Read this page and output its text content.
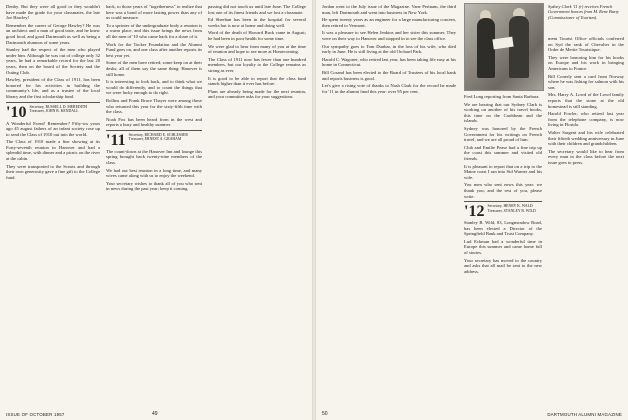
Denby. But they were all good or they wouldn't have made the grade for your classmates, the late Joe Hawley!

Remember the career of George Hawley? He was an architect and a man of good taste, and he knew good food, and good Dartmouth as well as being a Dartmouth alumnus of some years.

Stanley had the respect of the men who played under him. Although he was out of college only 32 years, he had a remarkable record for the last 20 years, then on the board of the Society and the Outing Club.

Hawley, president of the Class of 1911, has been honored for his activities in building the community's life, and as a trustee of the local library and the first scholarship fund.

'10 Secretary, RUSSELL D. MEREDITH
Treasurer, JOHN R. KENDALL

A Wonderful Event! Remember? Fifty-six years ago 45 august fathers of an infant society rose up to send the Class of 1910 out into the world.

The Class of 1910 made a fine showing at its Forty-seventh reunion in Hanover and had a splendid time, with dinner and a picnic on the river at the cabin.

They were transported to the Scouts and through their own generosity gave a fine gift to the College fund.

back, to those years of "togetherness" to realize that here was a bond of more lasting power than any of us could measure.

To a sprinter of the undergraduate body a reunion is a warm place, and this issue brings the news from all the men of '10 who came back for a share of it.

Work for the Tucker Foundation and the Alumni Fund goes on, and one class after another reports its best year yet.

Some of the men have retired; some keep on at their desks; all of them say the same thing: Hanover is still home.

It is interesting to look back, and to think what we would do differently, and to count the things that we were lucky enough to do right.

Rollins and Frank Bruce Thayer were among those who returned this year for the sixty-fifth time with the class.

Noah Fox has been heard from in the west and reports a busy and healthy summer.

'11 Secretary, RICHARD E. SCHLESSER
Treasurer, ERNEST A. GRAHAM

The count-down at the Hanover Inn and lounge this spring brought back twenty-nine members of the class.

We had our best reunion in a long time, and many wives came along with us to enjoy the weekend.

Your secretary wishes to thank all of you who sent in news during the past year; keep it coming.

passing did not touch us until late June. The College lost one of its finest friends and we lost a classmate.

Ed Sheehan has been in the hospital for several weeks but is now at home and doing well.

Word of the death of Howard Buck came in August; he had been in poor health for some time.

We were glad to hear from many of you at the time of reunion and hope to see more at Homecoming.

The Class of 1911 now has fewer than one hundred members, but our loyalty to the College remains as strong as ever.

It is good to be able to report that the class fund stands higher than it ever has before.

Plans are already being made for the next reunion, and your committee asks for your suggestions.

ISSUE OF OCTOBER 1957	49

Jordan went to the July issue of the Magazine. Vane Pertnam, the third man, left Dartmouth and went into business in New York.

He spent twenty years as an engineer for a large manufacturing concern, then retired to Vermont.

It was a pleasure to see Helen Jenkins and her sister this summer. They were on their way to Hanover and stopped in to see the class office.

Our sympathy goes to Tom Dunbar, in the loss of his wife, who died early in June. He is still living at the old Orchard Park.

Harold C. Wagoner, who retired last year, has been taking life easy at his home in Connecticut.

Bill Cosand has been elected to the Board of Trustees of his local bank and reports business is good.

Let's give a rising vote of thanks to Nash Clark for the record he made for '11 in the alumni fund this year: over 95 per cent.

Sydney Clark '11 (r) receives French Government honors from M. Rene Barty (Commissioner of Tourism).

Fred Long reporting from Santa Barbara.

We are hearing that our Sydney Clark is working on another of his travel books, this time on the Caribbean and the islands.

Sydney was honored by the French Government for his writings on French travel, and we are all proud of him.

Club and Emilie Pease had a fine trip up the coast this summer and visited old friends.

It is pleasant to report that on a trip to the Maine coast I ran into Sid Warner and his wife.

You men who sent news this year: we thank you; and the rest of you, please write.

'12 Secretary, HENRY K. WALD
Treasurer, STANLEY B. WILD

Stanley B. Wild, 83, Longmeadow Road, has been elected a Director of the Springfield Bank and Trust Company.

Lud Eckman had a wonderful time in Europe this summer and came home full of stories.

Your secretary has moved to the country and asks that all mail be sent to the new address.

ment Tourist Office officials conferred on Syd the rank of Chevalier in the Order de Merite Touristique.

They were honoring him for his books on Europe and his work in bringing Americans to France.

Bill Conerly sent a card from Norway where he was fishing for salmon with his son.

Mrs. Harry A. Lowd of the Lowd family reports that the stone at the old homestead is still standing.

Harold Fowler, who retired last year from the telephone company, is now living in Florida.

Walter Sargent and his wife celebrated their fiftieth wedding anniversary in June with their children and grandchildren.

The secretary would like to hear from every man in the class before the next issue goes to press.

50	DARTMOUTH ALUMNI MAGAZINE
